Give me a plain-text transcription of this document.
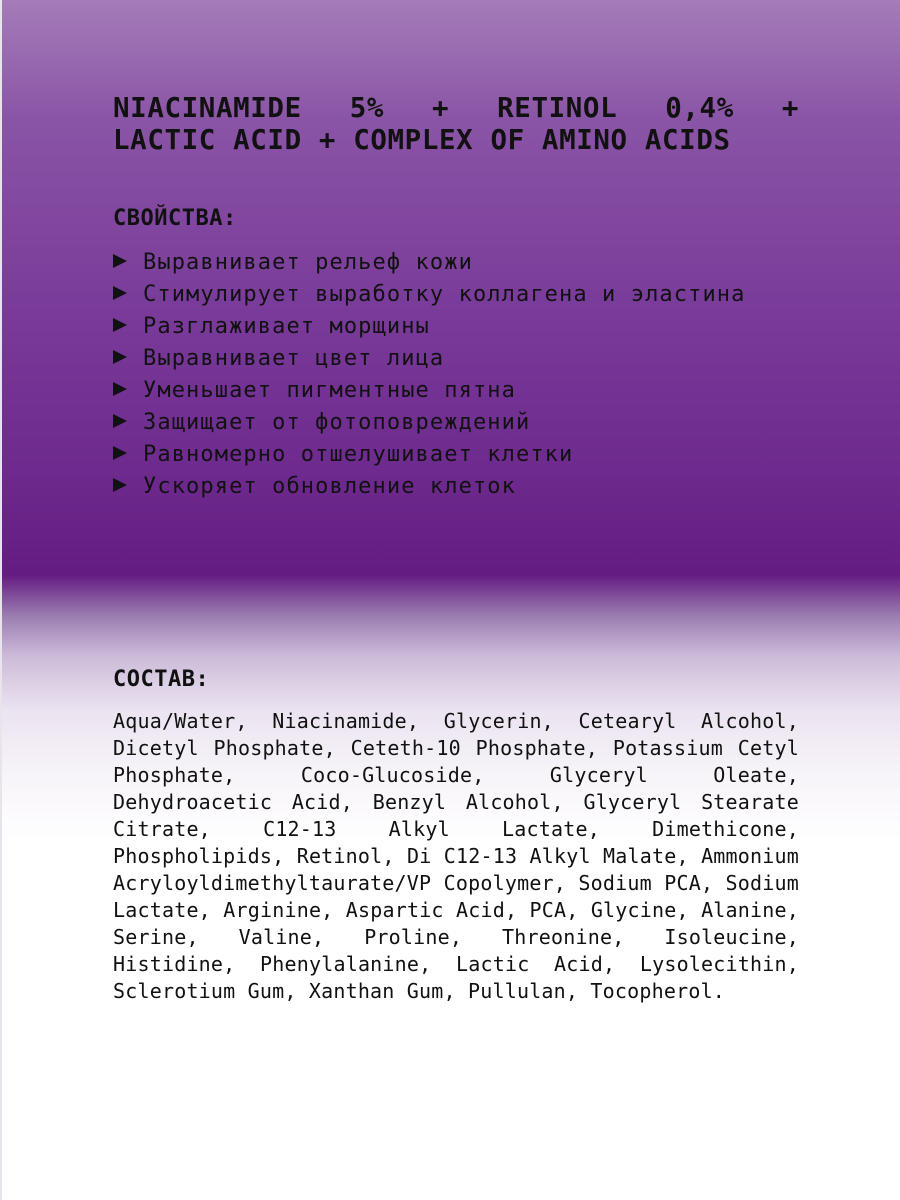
NIACINAMIDE 5% + RETINOL 0,4% +
LACTIC ACID + COMPLEX OF AMINO ACIDS
СВОЙСТВА:
Выравнивает рельеф кожи
Стимулирует выработку коллагена и эластина
Разглаживает морщины
Выравнивает цвет лица
Уменьшает пигментные пятна
Защищает от фотоповреждений
Равномерно отшелушивает клетки
Ускоряет обновление клеток
СОСТАВ:

Aqua/Water, Niacinamide, Glycerin, Cetearyl Alcohol, Dicetyl Phosphate, Ceteth-10 Phosphate, Potassium Cetyl Phosphate, Coco-Glucoside, Glyceryl Oleate, Dehydroacetic Acid, Benzyl Alcohol, Glyceryl Stearate Citrate, C12-13 Alkyl Lactate, Dimethicone, Phospholipids, Retinol, Di C12-13 Alkyl Malate, Ammonium Acryloyldimethyltaurate/VP Copolymer, Sodium PCA, Sodium Lactate, Arginine, Aspartic Acid, PCA, Glycine, Alanine, Serine, Valine, Proline, Threonine, Isoleucine, Histidine, Phenylalanine, Lactic Acid, Lysolecithin, Sclerotium Gum, Xanthan Gum, Pullulan, Tocopherol.
